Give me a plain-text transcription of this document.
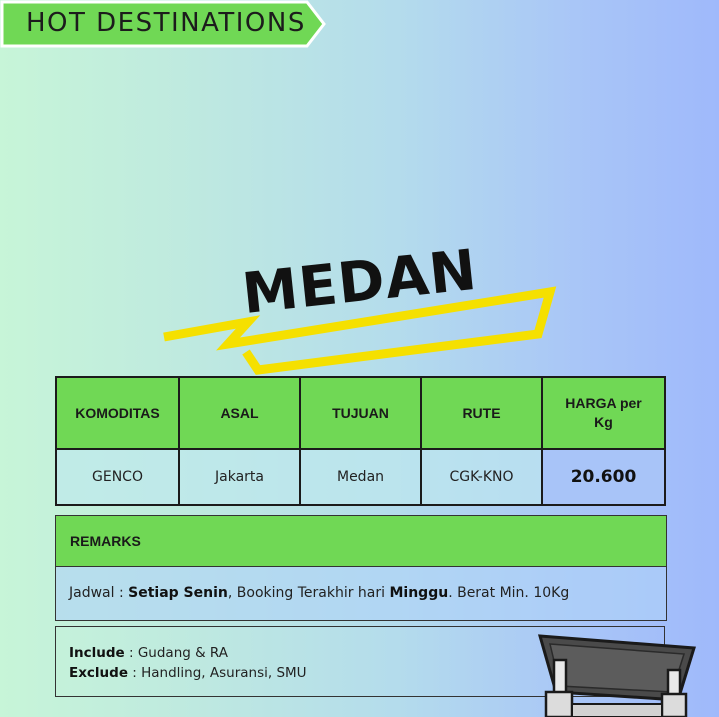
HOT DESTINATIONS
MEDAN
KOMODITAS	ASAL	TUJUAN	RUTE	HARGA per Kg
GENCO	Jakarta	Medan	CGK-KNO	20.600
REMARKS
Jadwal : Setiap Senin, Booking Terakhir hari Minggu. Berat Min. 10Kg
Include : Gudang & RA
Exclude : Handling, Asuransi, SMU
